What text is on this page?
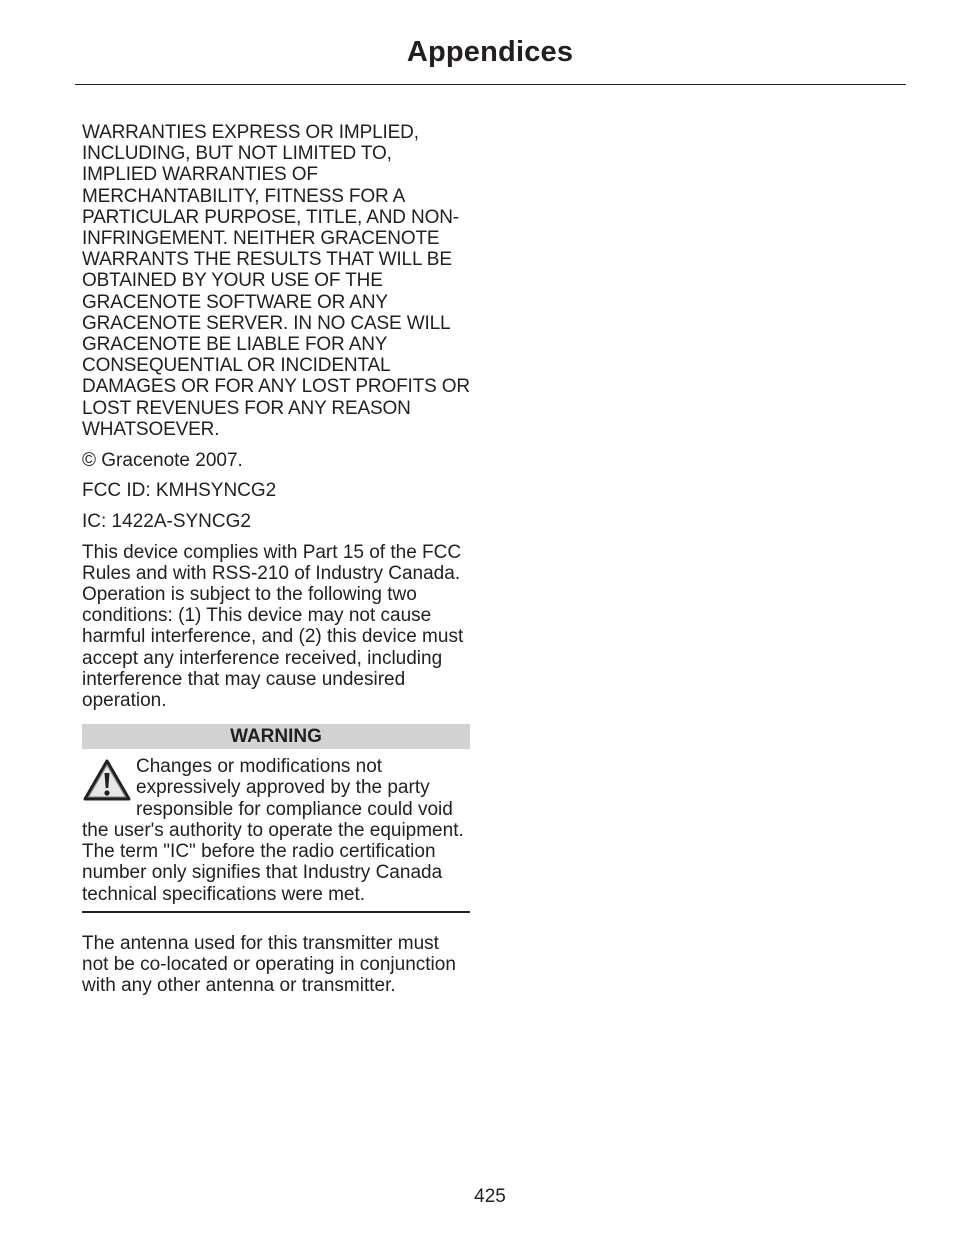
Appendices

WARRANTIES EXPRESS OR IMPLIED, INCLUDING, BUT NOT LIMITED TO, IMPLIED WARRANTIES OF MERCHANTABILITY, FITNESS FOR A PARTICULAR PURPOSE, TITLE, AND NON-INFRINGEMENT. NEITHER GRACENOTE WARRANTS THE RESULTS THAT WILL BE OBTAINED BY YOUR USE OF THE GRACENOTE SOFTWARE OR ANY GRACENOTE SERVER. IN NO CASE WILL GRACENOTE BE LIABLE FOR ANY CONSEQUENTIAL OR INCIDENTAL DAMAGES OR FOR ANY LOST PROFITS OR LOST REVENUES FOR ANY REASON WHATSOEVER.

© Gracenote 2007.

FCC ID: KMHSYNCG2

IC: 1422A-SYNCG2

This device complies with Part 15 of the FCC Rules and with RSS-210 of Industry Canada. Operation is subject to the following two conditions: (1) This device may not cause harmful interference, and (2) this device must accept any interference received, including interference that may cause undesired operation.

WARNING
Changes or modifications not expressively approved by the party responsible for compliance could void the user's authority to operate the equipment. The term "IC" before the radio certification number only signifies that Industry Canada technical specifications were met.

The antenna used for this transmitter must not be co-located or operating in conjunction with any other antenna or transmitter.

425
